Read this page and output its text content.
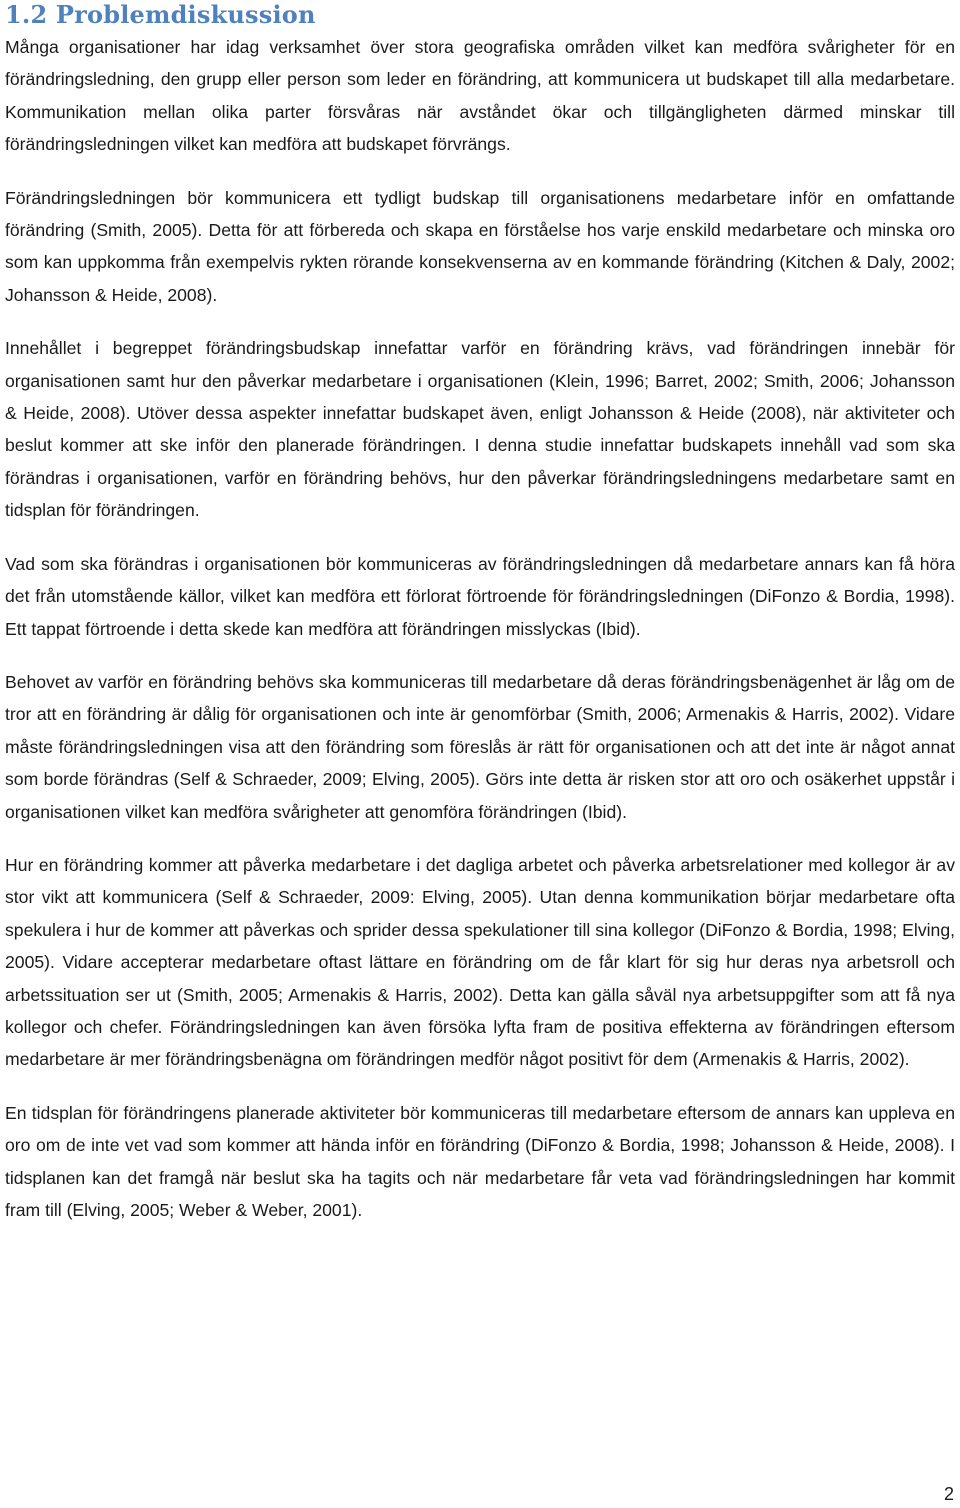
1.2 Problemdiskussion

Många organisationer har idag verksamhet över stora geografiska områden vilket kan medföra svårigheter för en förändringsledning, den grupp eller person som leder en förändring, att kommunicera ut budskapet till alla medarbetare. Kommunikation mellan olika parter försvåras när avståndet ökar och tillgängligheten därmed minskar till förändringsledningen vilket kan medföra att budskapet förvrängs.

Förändringsledningen bör kommunicera ett tydligt budskap till organisationens medarbetare inför en omfattande förändring (Smith, 2005). Detta för att förbereda och skapa en förståelse hos varje enskild medarbetare och minska oro som kan uppkomma från exempelvis rykten rörande konsekvenserna av en kommande förändring (Kitchen & Daly, 2002; Johansson & Heide, 2008).

Innehållet i begreppet förändringsbudskap innefattar varför en förändring krävs, vad förändringen innebär för organisationen samt hur den påverkar medarbetare i organisationen (Klein, 1996; Barret, 2002; Smith, 2006; Johansson & Heide, 2008). Utöver dessa aspekter innefattar budskapet även, enligt Johansson & Heide (2008), när aktiviteter och beslut kommer att ske inför den planerade förändringen. I denna studie innefattar budskapets innehåll vad som ska förändras i organisationen, varför en förändring behövs, hur den påverkar förändringsledningens medarbetare samt en tidsplan för förändringen.

Vad som ska förändras i organisationen bör kommuniceras av förändringsledningen då medarbetare annars kan få höra det från utomstående källor, vilket kan medföra ett förlorat förtroende för förändringsledningen (DiFonzo & Bordia, 1998). Ett tappat förtroende i detta skede kan medföra att förändringen misslyckas (Ibid).

Behovet av varför en förändring behövs ska kommuniceras till medarbetare då deras förändringsbenägenhet är låg om de tror att en förändring är dålig för organisationen och inte är genomförbar (Smith, 2006; Armenakis & Harris, 2002). Vidare måste förändringsledningen visa att den förändring som föreslås är rätt för organisationen och att det inte är något annat som borde förändras (Self & Schraeder, 2009; Elving, 2005). Görs inte detta är risken stor att oro och osäkerhet uppstår i organisationen vilket kan medföra svårigheter att genomföra förändringen (Ibid).

Hur en förändring kommer att påverka medarbetare i det dagliga arbetet och påverka arbetsrelationer med kollegor är av stor vikt att kommunicera (Self & Schraeder, 2009: Elving, 2005). Utan denna kommunikation börjar medarbetare ofta spekulera i hur de kommer att påverkas och sprider dessa spekulationer till sina kollegor (DiFonzo & Bordia, 1998; Elving, 2005). Vidare accepterar medarbetare oftast lättare en förändring om de får klart för sig hur deras nya arbetsroll och arbetssituation ser ut (Smith, 2005; Armenakis & Harris, 2002). Detta kan gälla såväl nya arbetsuppgifter som att få nya kollegor och chefer. Förändringsledningen kan även försöka lyfta fram de positiva effekterna av förändringen eftersom medarbetare är mer förändringsbenägna om förändringen medför något positivt för dem (Armenakis & Harris, 2002).

En tidsplan för förändringens planerade aktiviteter bör kommuniceras till medarbetare eftersom de annars kan uppleva en oro om de inte vet vad som kommer att hända inför en förändring (DiFonzo & Bordia, 1998; Johansson & Heide, 2008). I tidsplanen kan det framgå när beslut ska ha tagits och när medarbetare får veta vad förändringsledningen har kommit fram till (Elving, 2005; Weber & Weber, 2001).

2
